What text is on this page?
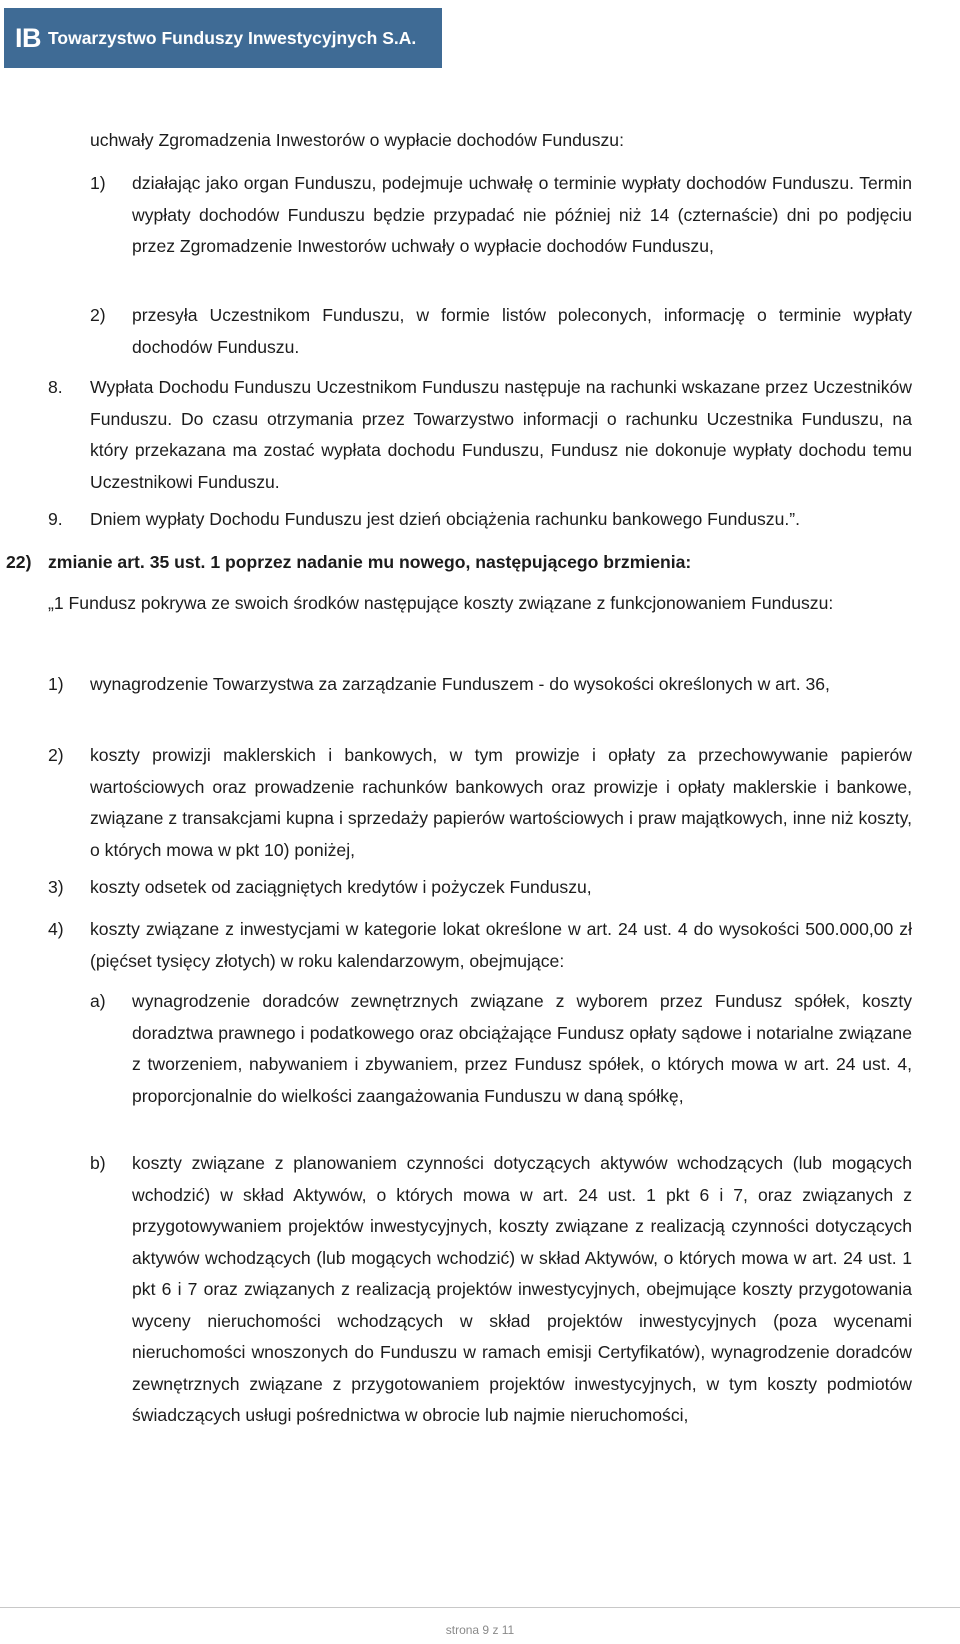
IB Towarzystwo Funduszy Inwestycyjnych S.A.

uchwały Zgromadzenia Inwestorów o wypłacie dochodów Funduszu:

1) działając jako organ Funduszu, podejmuje uchwałę o terminie wypłaty dochodów Funduszu. Termin wypłaty dochodów Funduszu będzie przypadać nie później niż 14 (czternaście) dni po podjęciu przez Zgromadzenie Inwestorów uchwały o wypłacie dochodów Funduszu,

2) przesyła Uczestnikom Funduszu, w formie listów poleconych, informację o terminie wypłaty dochodów Funduszu.

8. Wypłata Dochodu Funduszu Uczestnikom Funduszu następuje na rachunki wskazane przez Uczestników Funduszu. Do czasu otrzymania przez Towarzystwo informacji o rachunku Uczestnika Funduszu, na który przekazana ma zostać wypłata dochodu Funduszu, Fundusz nie dokonuje wypłaty dochodu temu Uczestnikowi Funduszu.

9. Dniem wypłaty Dochodu Funduszu jest dzień obciążenia rachunku bankowego Funduszu.”.

22) zmianie art. 35 ust. 1 poprzez nadanie mu nowego, następującego brzmienia:

„1 Fundusz pokrywa ze swoich środków następujące koszty związane z funkcjonowaniem Funduszu:

1) wynagrodzenie Towarzystwa za zarządzanie Funduszem - do wysokości określonych w art. 36,

2) koszty prowizji maklerskich i bankowych, w tym prowizje i opłaty za przechowywanie papierów wartościowych oraz prowadzenie rachunków bankowych oraz prowizje i opłaty maklerskie i bankowe, związane z transakcjami kupna i sprzedaży papierów wartościowych i praw majątkowych, inne niż koszty, o których mowa w pkt 10) poniżej,

3) koszty odsetek od zaciągniętych kredytów i pożyczek Funduszu,

4) koszty związane z inwestycjami w kategorie lokat określone w art. 24 ust. 4 do wysokości 500.000,00 zł (pięćset tysięcy złotych) w roku kalendarzowym, obejmujące:

a) wynagrodzenie doradców zewnętrznych związane z wyborem przez Fundusz spółek, koszty doradztwa prawnego i podatkowego oraz obciążające Fundusz opłaty sądowe i notarialne związane z tworzeniem, nabywaniem i zbywaniem, przez Fundusz spółek, o których mowa w art. 24 ust. 4, proporcjonalnie do wielkości zaangażowania Funduszu w daną spółkę,

b) koszty związane z planowaniem czynności dotyczących aktywów wchodzących (lub mogących wchodzić) w skład Aktywów, o których mowa w art. 24 ust. 1 pkt 6 i 7, oraz związanych z przygotowywaniem projektów inwestycyjnych, koszty związane z realizacją czynności dotyczących aktywów wchodzących (lub mogących wchodzić) w skład Aktywów, o których mowa w art. 24 ust. 1 pkt 6 i 7 oraz związanych z realizacją projektów inwestycyjnych, obejmujące koszty przygotowania wyceny nieruchomości wchodzących w skład projektów inwestycyjnych (poza wycenami nieruchomości wnoszonych do Funduszu w ramach emisji Certyfikatów), wynagrodzenie doradców zewnętrznych związane z przygotowaniem projektów inwestycyjnych, w tym koszty podmiotów świadczących usługi pośrednictwa w obrocie lub najmie nieruchomości,

strona 9 z 11
